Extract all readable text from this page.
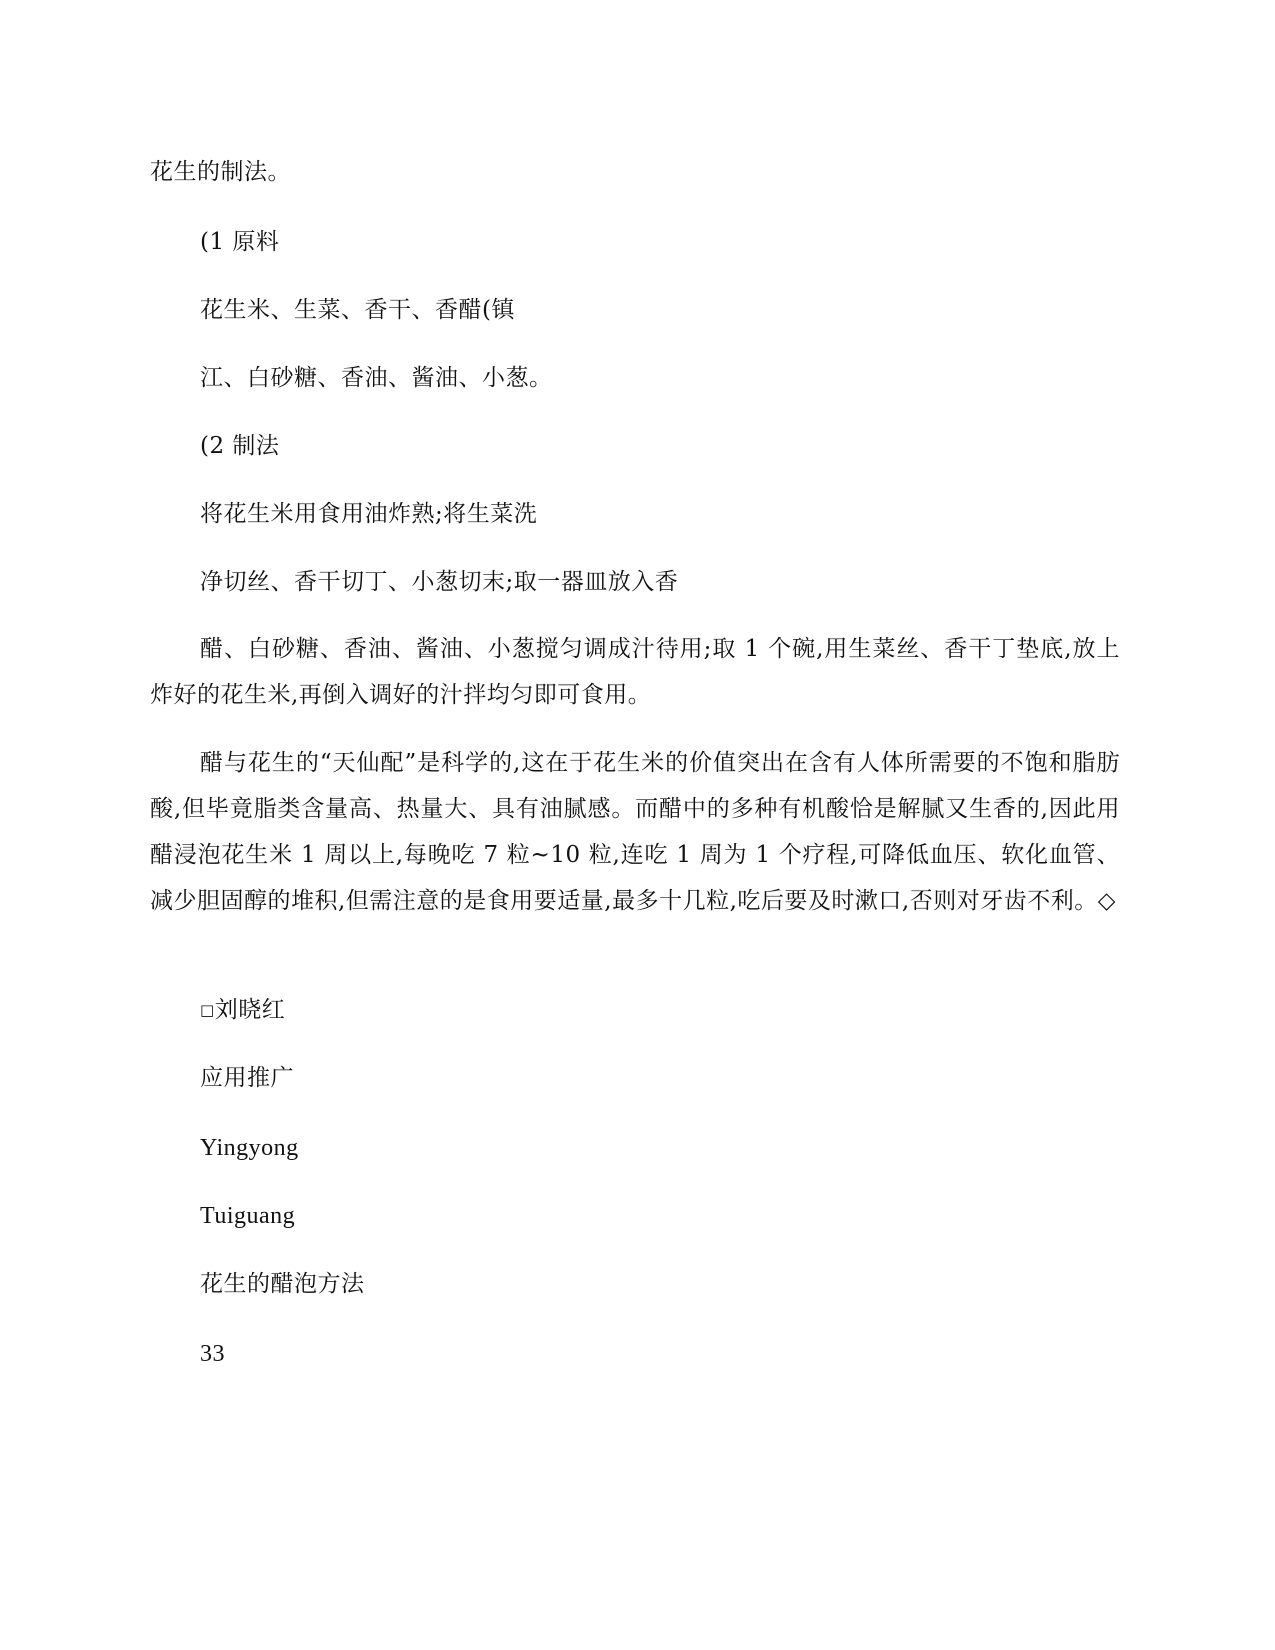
花生的制法。
(1 原料
花生米、生菜、香干、香醋(镇
江、白砂糖、香油、酱油、小葱。
(2 制法
将花生米用食用油炸熟;将生菜洗
净切丝、香干切丁、小葱切末;取一器皿放入香
醋、白砂糖、香油、酱油、小葱搅匀调成汁待用;取 1 个碗,用生菜丝、香干丁垫底,放上炸好的花生米,再倒入调好的汁拌均匀即可食用。
醋与花生的“天仙配”是科学的,这在于花生米的价值突出在含有人体所需要的不饱和脂肪酸,但毕竟脂类含量高、热量大、具有油腻感。而醋中的多种有机酸恰是解腻又生香的,因此用醋浸泡花生米 1 周以上,每晚吃 7 粒~10 粒,连吃 1 周为 1 个疗程,可降低血压、软化血管、减少胆固醇的堆积,但需注意的是食用要适量,最多十几粒,吃后要及时漱口,否则对牙齿不利。◇
□刘晓红
应用推广
Yingyong
Tuiguang
花生的醋泡方法
33
